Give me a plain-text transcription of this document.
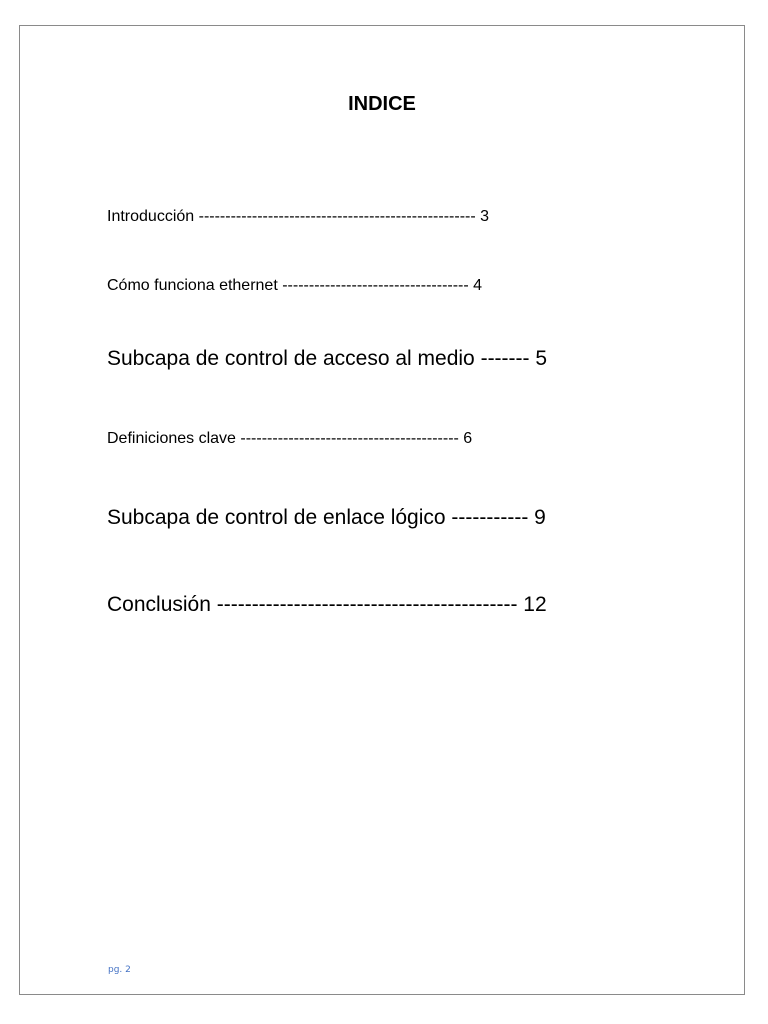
INDICE

Introducción ---------------------------------------------------- 3

Cómo funciona ethernet ----------------------------------- 4

Subcapa de control de acceso al medio ------- 5

Definiciones clave ----------------------------------------- 6

Subcapa de control de enlace lógico ----------- 9

Conclusión ------------------------------------------- 12

pg. 2
